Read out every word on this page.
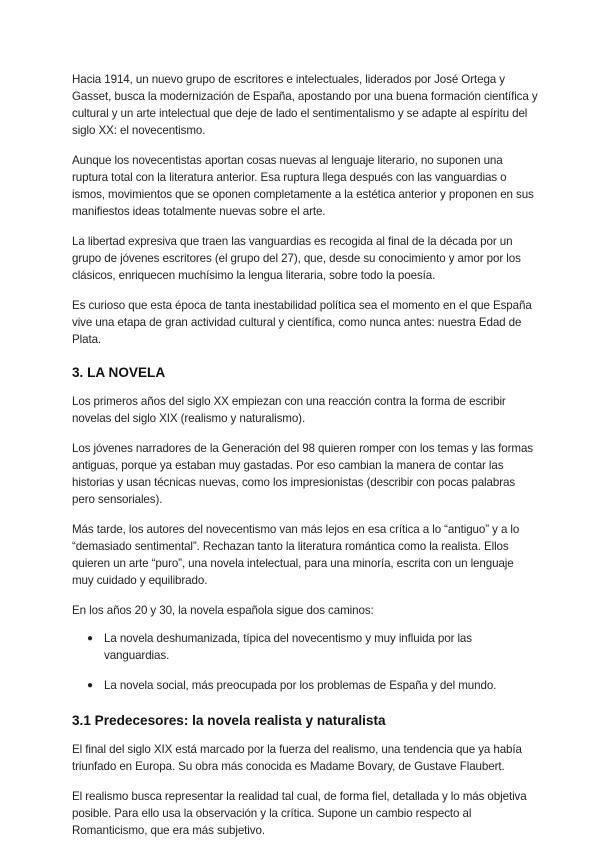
Hacia 1914, un nuevo grupo de escritores e intelectuales, liderados por José Ortega y Gasset, busca la modernización de España, apostando por una buena formación científica y cultural y un arte intelectual que deje de lado el sentimentalismo y se adapte al espíritu del siglo XX: el novecentismo.

Aunque los novecentistas aportan cosas nuevas al lenguaje literario, no suponen una ruptura total con la literatura anterior. Esa ruptura llega después con las vanguardias o ismos, movimientos que se oponen completamente a la estética anterior y proponen en sus manifiestos ideas totalmente nuevas sobre el arte.

La libertad expresiva que traen las vanguardias es recogida al final de la década por un grupo de jóvenes escritores (el grupo del 27), que, desde su conocimiento y amor por los clásicos, enriquecen muchísimo la lengua literaria, sobre todo la poesía.

Es curioso que esta época de tanta inestabilidad política sea el momento en el que España vive una etapa de gran actividad cultural y científica, como nunca antes: nuestra Edad de Plata.

3. LA NOVELA

Los primeros años del siglo XX empiezan con una reacción contra la forma de escribir novelas del siglo XIX (realismo y naturalismo).

Los jóvenes narradores de la Generación del 98 quieren romper con los temas y las formas antiguas, porque ya estaban muy gastadas. Por eso cambian la manera de contar las historias y usan técnicas nuevas, como los impresionistas (describir con pocas palabras pero sensoriales).

Más tarde, los autores del novecentismo van más lejos en esa crítica a lo “antiguo” y a lo “demasiado sentimental”. Rechazan tanto la literatura romántica como la realista. Ellos quieren un arte “puro”, una novela intelectual, para una minoría, escrita con un lenguaje muy cuidado y equilibrado.

En los años 20 y 30, la novela española sigue dos caminos:

● La novela deshumanizada, típica del novecentismo y muy influida por las vanguardias.
● La novela social, más preocupada por los problemas de España y del mundo.
3.1 Predecesores: la novela realista y naturalista

El final del siglo XIX está marcado por la fuerza del realismo, una tendencia que ya había triunfado en Europa. Su obra más conocida es Madame Bovary, de Gustave Flaubert.

El realismo busca representar la realidad tal cual, de forma fiel, detallada y lo más objetiva posible. Para ello usa la observación y la crítica. Supone un cambio respecto al Romanticismo, que era más subjetivo.
